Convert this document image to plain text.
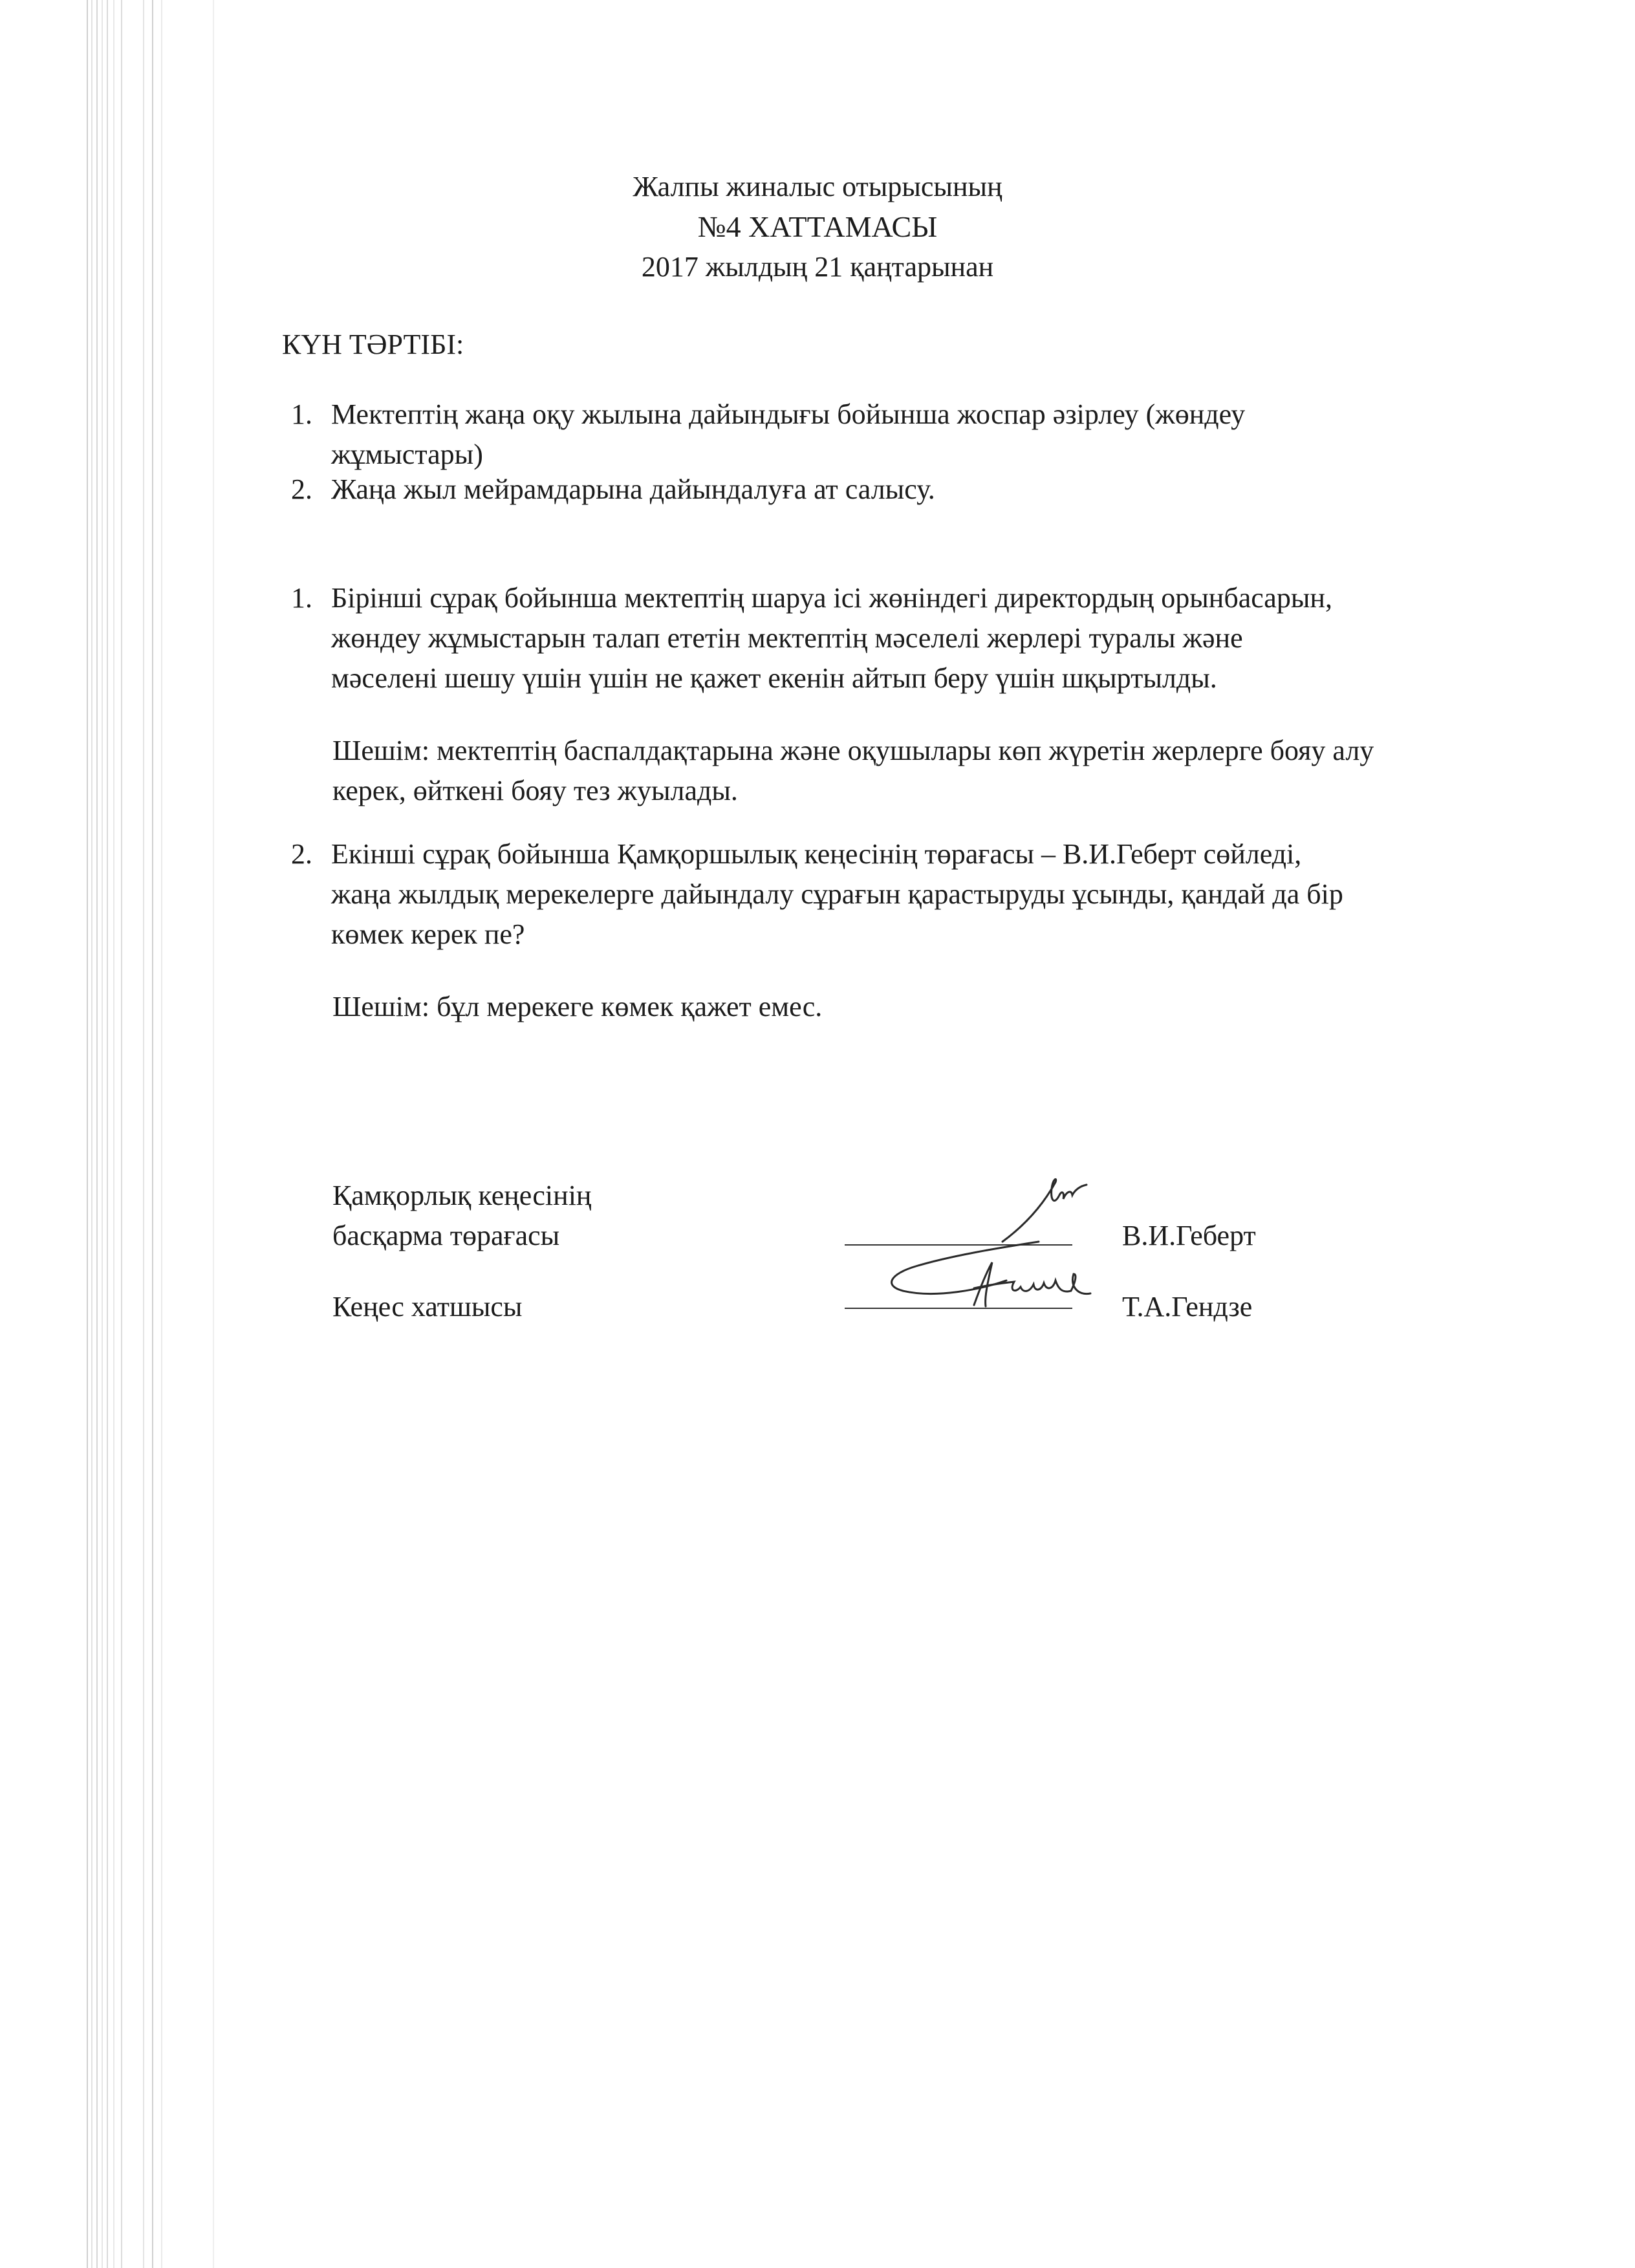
Жалпы жиналыс отырысының
№4 ХАТТАМАСЫ
2017 жылдың 21 қаңтарынан
КҮН ТӘРТІБІ:
1. Мектептің жаңа оқу жылына дайындығы бойынша жоспар әзірлеу (жөндеу
жұмыстары)
2. Жаңа жыл мейрамдарына дайындалуға ат салысу.
1. Бірінші сұрақ бойынша мектептің шаруа ісі жөніндегі директордың орынбасарын,
жөндеу жұмыстарын талап ететін мектептің мәселелі жерлері туралы және
мәселені шешу үшін үшін не қажет екенін айтып беру үшін шқыртылды.
Шешім: мектептің баспалдақтарына және оқушылары көп жүретін жерлерге бояу алу
керек, өйткені бояу тез жуылады.
2. Екінші сұрақ бойынша Қамқоршылық кеңесінің төрағасы – В.И.Геберт сөйледі,
жаңа жылдық мерекелерге дайындалу сұрағын қарастыруды ұсынды, қандай да бір
көмек керек пе?
Шешім: бұл мерекеге көмек қажет емес.
Қамқорлық кеңесінің
басқарма төрағасы	В.И.Геберт
Кеңес хатшысы	Т.А.Гендзе
